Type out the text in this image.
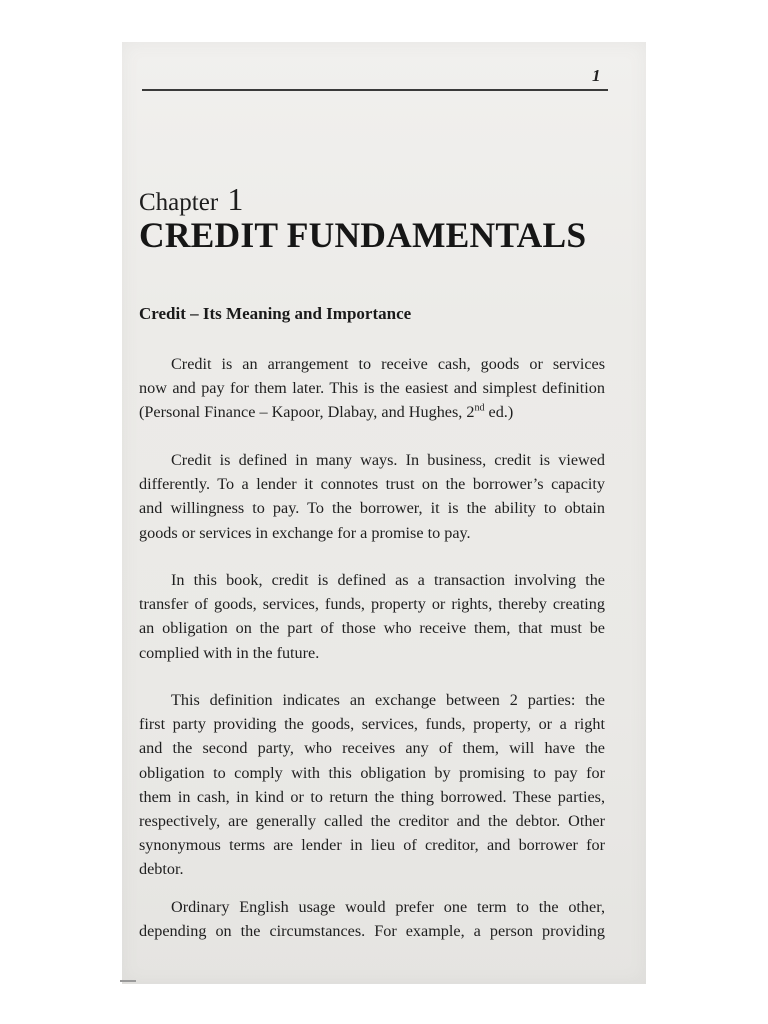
1
Chapter 1
CREDIT FUNDAMENTALS
Credit – Its Meaning and Importance
Credit is an arrangement to receive cash, goods or services
now and pay for them later. This is the easiest and simplest definition
(Personal Finance – Kapoor, Dlabay, and Hughes, 2nd ed.)
Credit is defined in many ways. In business, credit is viewed
differently. To a lender it connotes trust on the borrower’s capacity
and willingness to pay. To the borrower, it is the ability to obtain
goods or services in exchange for a promise to pay.
In this book, credit is defined as a transaction involving the
transfer of goods, services, funds, property or rights, thereby creating
an obligation on the part of those who receive them, that must be
complied with in the future.
This definition indicates an exchange between 2 parties: the
first party providing the goods, services, funds, property, or a right
and the second party, who receives any of them, will have the
obligation to comply with this obligation by promising to pay for
them in cash, in kind or to return the thing borrowed. These parties,
respectively, are generally called the creditor and the debtor. Other
synonymous terms are lender in lieu of creditor, and borrower for
debtor.
Ordinary English usage would prefer one term to the other,
depending on the circumstances. For example, a person providing
